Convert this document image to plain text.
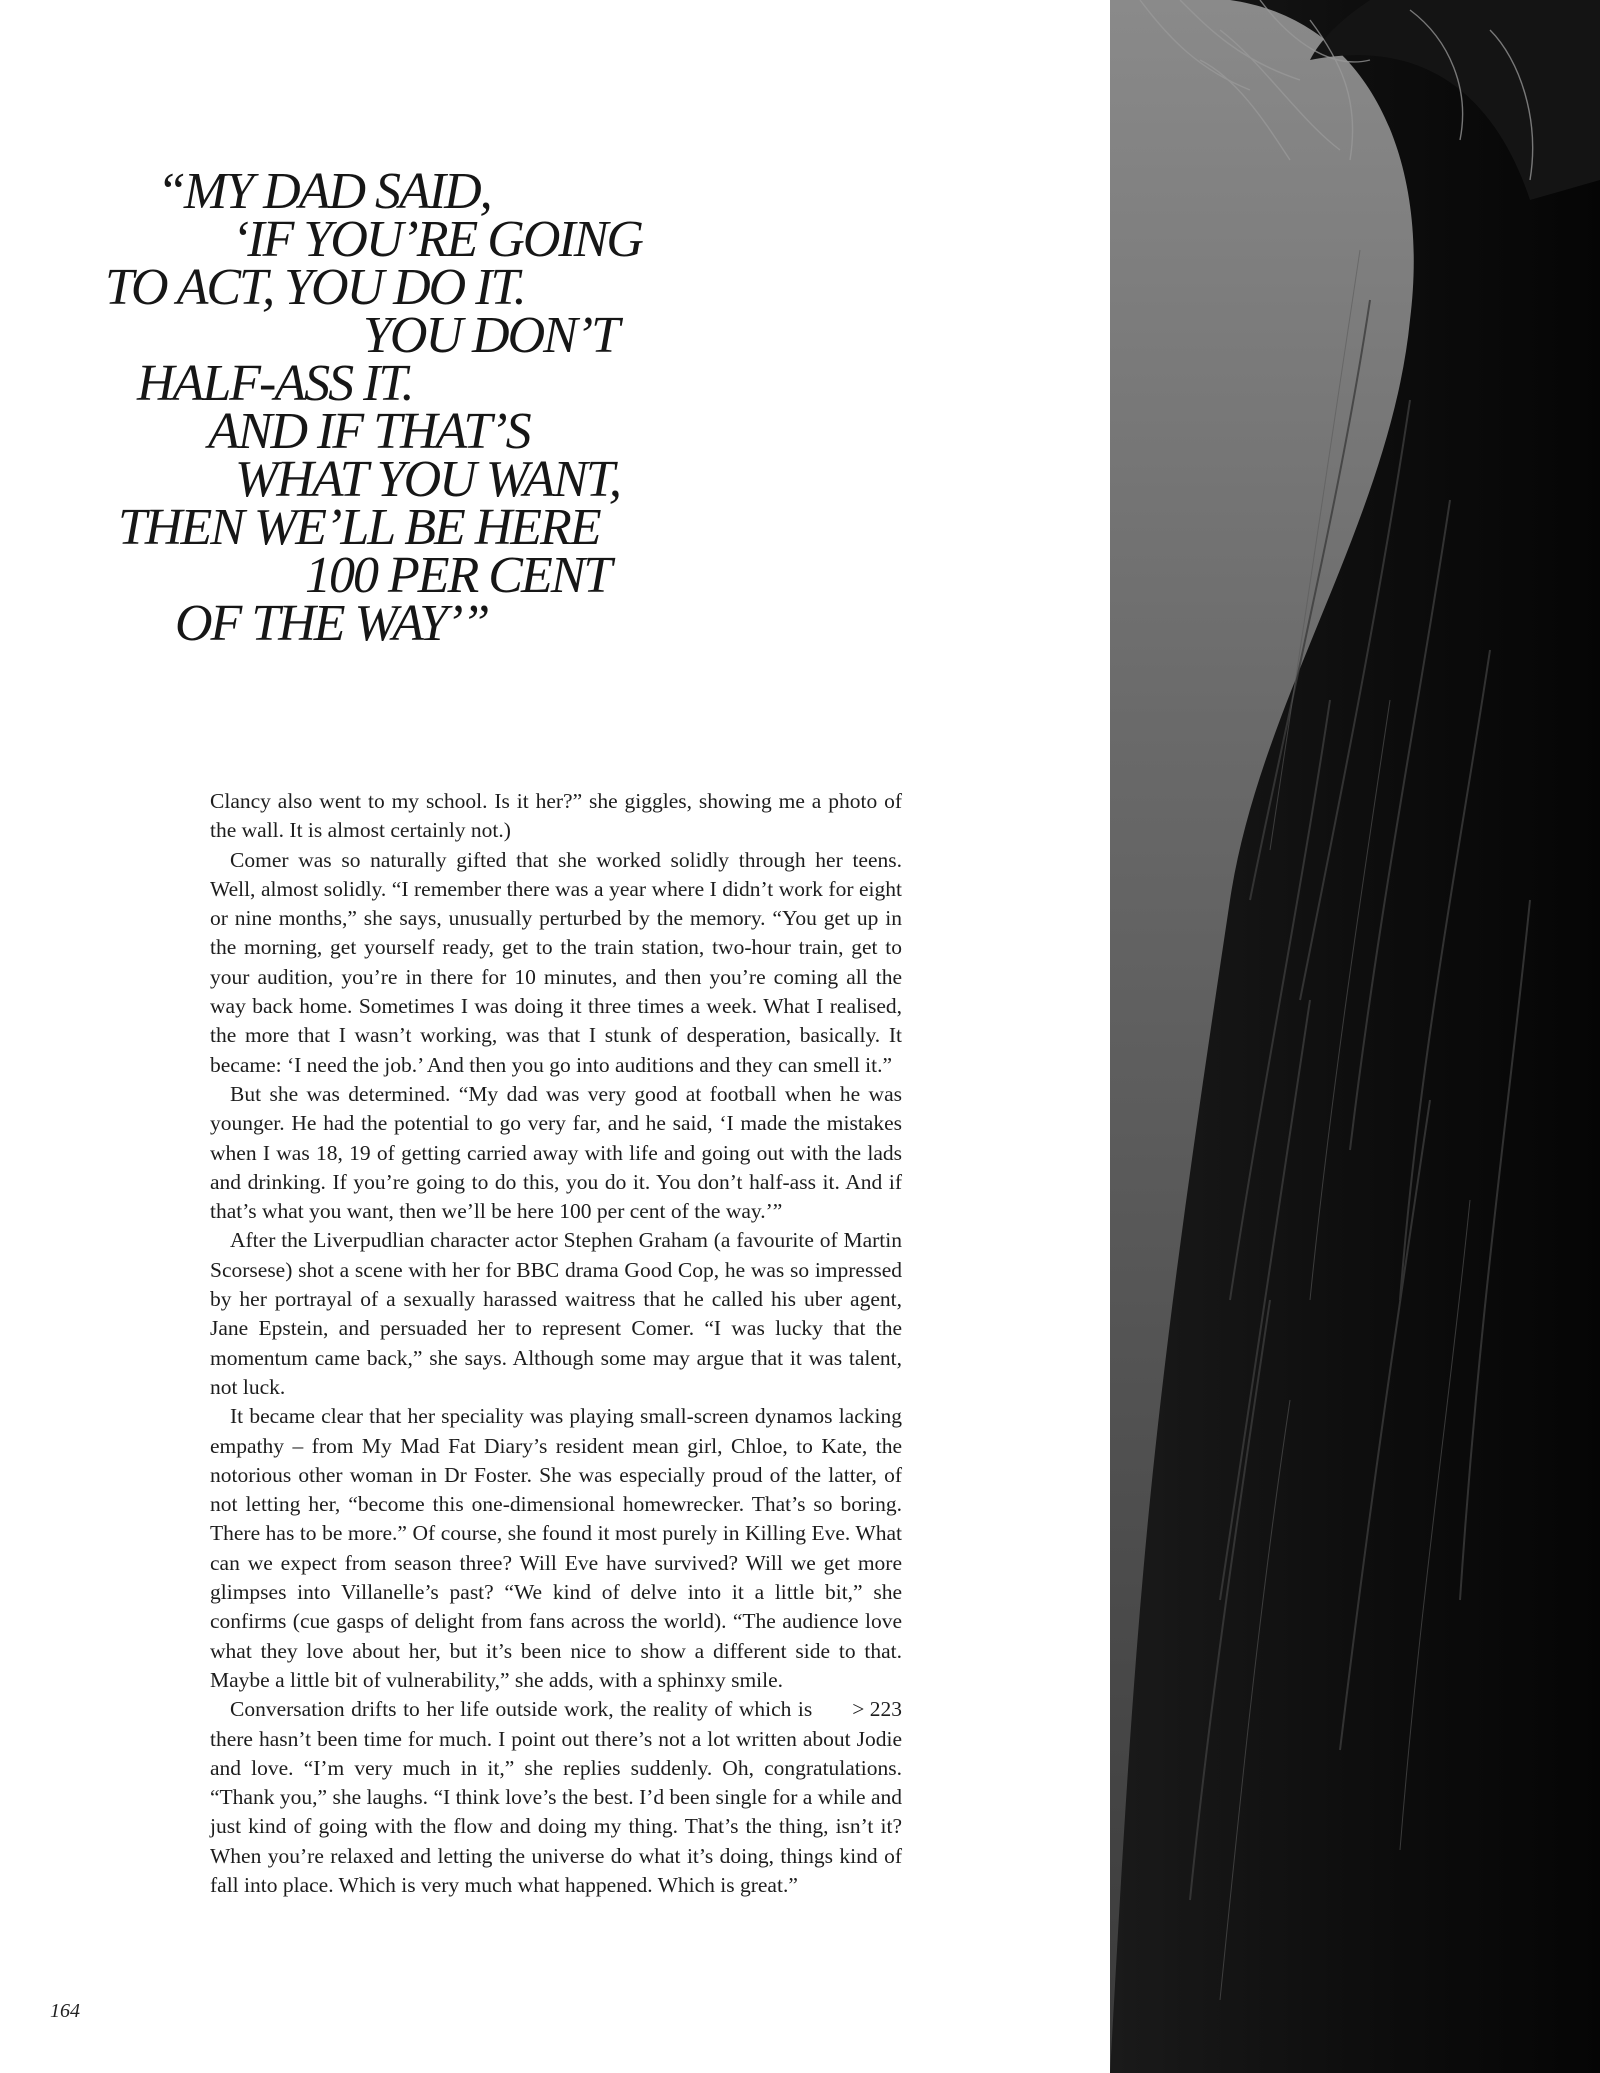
“MY DAD SAID,
‘IF YOU’RE GOING
TO ACT, YOU DO IT.
YOU DON’T
HALF-ASS IT.
AND IF THAT’S
WHAT YOU WANT,
THEN WE’LL BE HERE
100 PER CENT
OF THE WAY’”

Clancy also went to my school. Is it her?” she giggles, showing me a photo of the wall. It is almost certainly not.)

Comer was so naturally gifted that she worked solidly through her teens. Well, almost solidly. “I remember there was a year where I didn’t work for eight or nine months,” she says, unusually perturbed by the memory. “You get up in the morning, get yourself ready, get to the train station, two-hour train, get to your audition, you’re in there for 10 minutes, and then you’re coming all the way back home. Sometimes I was doing it three times a week. What I realised, the more that I wasn’t working, was that I stunk of desperation, basically. It became: ‘I need the job.’ And then you go into auditions and they can smell it.”

But she was determined. “My dad was very good at football when he was younger. He had the potential to go very far, and he said, ‘I made the mistakes when I was 18, 19 of getting carried away with life and going out with the lads and drinking. If you’re going to do this, you do it. You don’t half-ass it. And if that’s what you want, then we’ll be here 100 per cent of the way.’”

After the Liverpudlian character actor Stephen Graham (a favourite of Martin Scorsese) shot a scene with her for BBC drama Good Cop, he was so impressed by her portrayal of a sexually harassed waitress that he called his uber agent, Jane Epstein, and persuaded her to represent Comer. “I was lucky that the momentum came back,” she says. Although some may argue that it was talent, not luck.

It became clear that her speciality was playing small-screen dynamos lacking empathy – from My Mad Fat Diary’s resident mean girl, Chloe, to Kate, the notorious other woman in Dr Foster. She was especially proud of the latter, of not letting her, “become this one-dimensional homewrecker. That’s so boring. There has to be more.” Of course, she found it most purely in Killing Eve. What can we expect from season three? Will Eve have survived? Will we get more glimpses into Villanelle’s past? “We kind of delve into it a little bit,” she confirms (cue gasps of delight from fans across the world). “The audience love what they love about her, but it’s been nice to show a different side to that. Maybe a little bit of vulnerability,” she adds, with a sphinxy smile.

> 223
Conversation drifts to her life outside work, the reality of which is there hasn’t been time for much. I point out there’s not a lot written about Jodie and love. “I’m very much in it,” she replies suddenly. Oh, congratulations. “Thank you,” she laughs. “I think love’s the best. I’d been single for a while and just kind of going with the flow and doing my thing. That’s the thing, isn’t it? When you’re relaxed and letting the universe do what it’s doing, things kind of fall into place. Which is very much what happened. Which is great.”

164
